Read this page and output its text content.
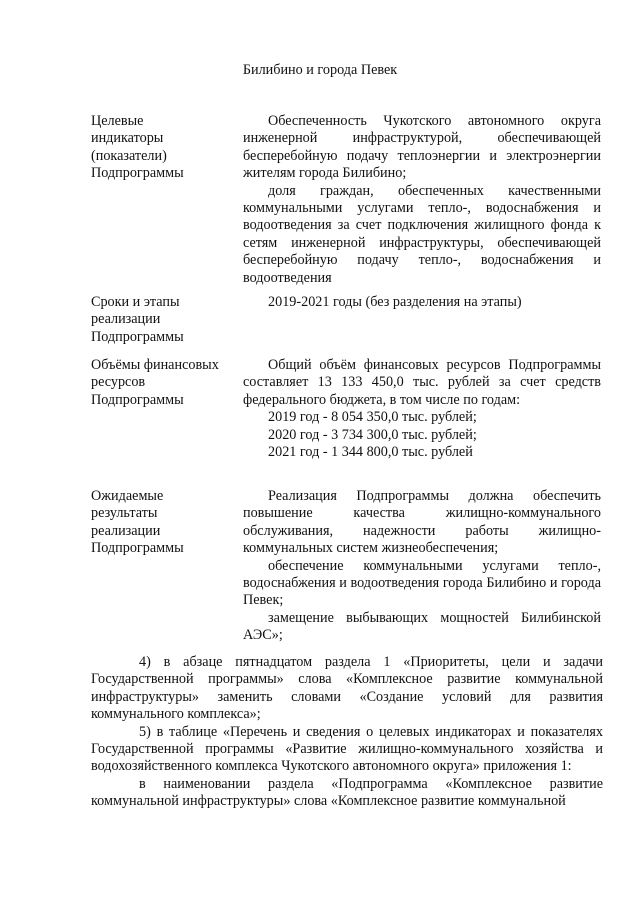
Билибино и города Певек
Целевые
индикаторы
(показатели)
Подпрограммы

Обеспеченность Чукотского автономного округа инженерной инфраструктурой, обеспечивающей бесперебойную подачу теплоэнергии и электроэнергии жителям города Билибино;

доля граждан, обеспеченных качественными коммунальными услугами тепло-, водоснабжения и водоотведения за счет подключения жилищного фонда к сетям инженерной инфраструктуры, обеспечивающей бесперебойную подачу тепло-, водоснабжения и водоотведения

Сроки и этапы
реализации
Подпрограммы

2019-2021 годы (без разделения на этапы)

Объёмы финансовых
ресурсов
Подпрограммы

Общий объём финансовых ресурсов Подпрограммы составляет 13 133 450,0 тыс. рублей за счет средств федерального бюджета, в том числе по годам:

2019 год - 8 054 350,0 тыс. рублей;

2020 год - 3 734 300,0 тыс. рублей;

2021 год - 1 344 800,0 тыс. рублей

Ожидаемые
результаты
реализации
Подпрограммы

Реализация Подпрограммы должна обеспечить повышение качества жилищно-коммунального обслуживания, надежности работы жилищно-коммунальных систем жизнеобеспечения;

обеспечение коммунальными услугами тепло-, водоснабжения и водоотведения города Билибино и города Певек;

замещение выбывающих мощностей Билибинской АЭС»;

4) в абзаце пятнадцатом раздела 1 «Приоритеты, цели и задачи Государственной программы» слова «Комплексное развитие коммунальной инфраструктуры» заменить словами «Создание условий для развития коммунального комплекса»;

5) в таблице «Перечень и сведения о целевых индикаторах и показателях Государственной программы «Развитие жилищно-коммунального хозяйства и водохозяйственного комплекса Чукотского автономного округа» приложения 1:

в наименовании раздела «Подпрограмма «Комплексное развитие коммунальной инфраструктуры» слова «Комплексное развитие коммунальной
